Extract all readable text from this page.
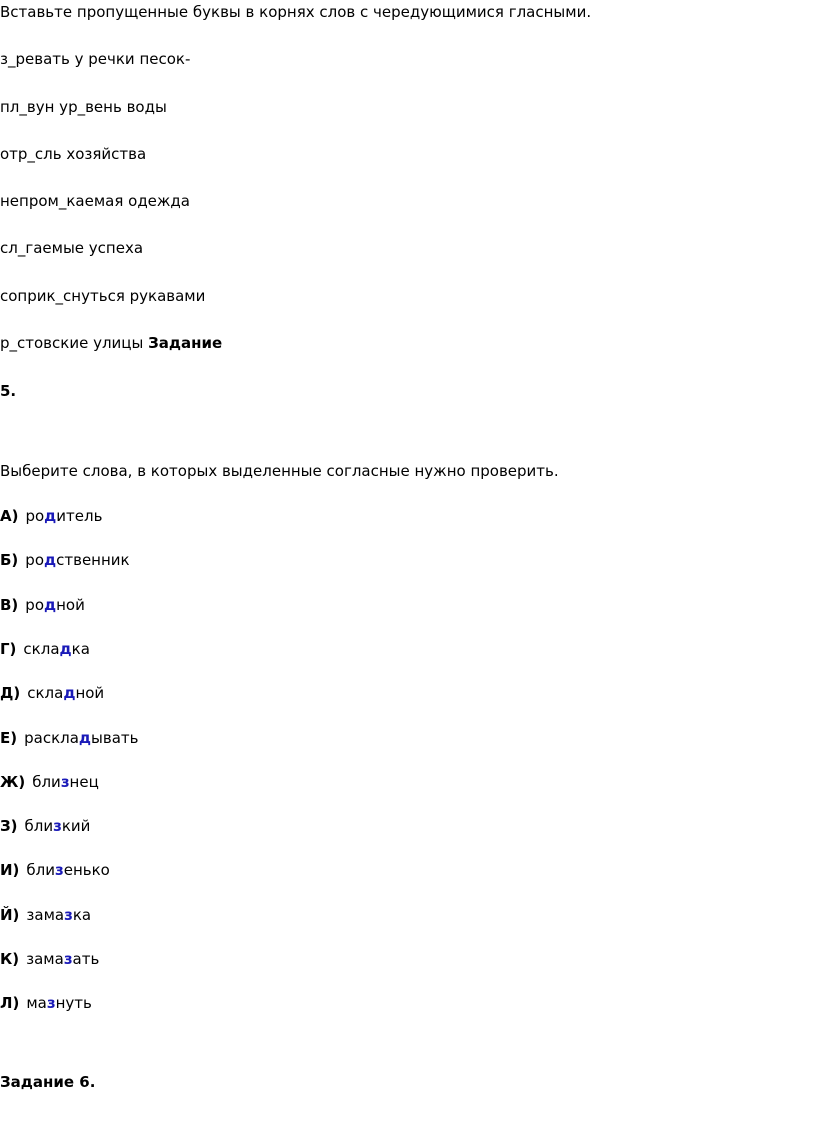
Вставьте пропущенные буквы в корнях слов с чередующимися гласными.
з_ревать у речки песок-
пл_вун ур_вень воды
отр_сль хозяйства
непром_каемая одежда
сл_гаемые успеха
соприк_снуться рукавами
р_стовские улицы Задание
5.
Выберите слова, в которых выделенные согласные нужно проверить.
А) родитель
Б) родственник
В) родной
Г) складка
Д) складной
Е) раскладывать
Ж) близнец
З) близкий
И) близенько
Й) замазка
К) замазать
Л) мазнуть
Задание 6.
